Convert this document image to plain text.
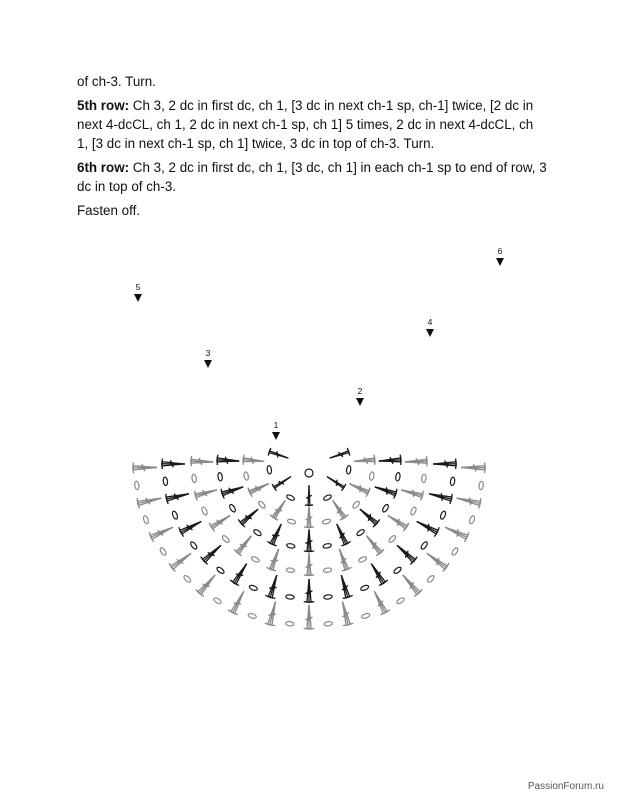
of ch-3. Turn.

5th row: Ch 3, 2 dc in first dc, ch 1, [3 dc in next ch-1 sp, ch-1] twice, [2 dc in next 4-dcCL, ch 1, 2 dc in next ch-1 sp, ch 1] 5 times, 2 dc in next 4-dcCL, ch 1, [3 dc in next ch-1 sp, ch 1] twice, 3 dc in top of ch-3. Turn.

6th row: Ch 3, 2 dc in first dc, ch 1, [3 dc, ch 1] in each ch-1 sp to end of row, 3 dc in top of ch-3.

Fasten off.

1
2
3
4
5
6
PassionForum.ru
